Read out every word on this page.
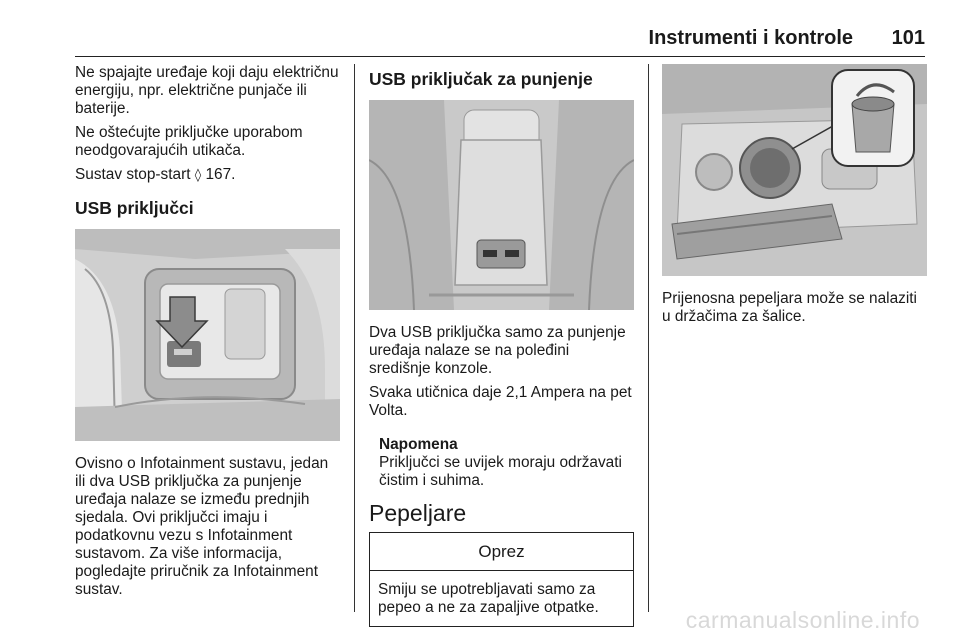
Instrumenti i kontrole 101

Ne spajajte uređaje koji daju električnu energiju, npr. električne punjače ili baterije.

Ne oštećujte priključke uporabom neodgovarajućih utikača.

Sustav stop-start ◊ 167.

USB priključci

Ovisno o Infotainment sustavu, jedan ili dva USB priključka za punjenje uređaja nalaze se između prednjih sjedala. Ovi priključci imaju i podatkovnu vezu s Infotainment sustavom. Za više informacija, pogledajte priručnik za Infotainment sustav.

USB priključak za punjenje

Dva USB priključka samo za punjenje uređaja nalaze se na poleđini središnje konzole.

Svaka utičnica daje 2,1 Ampera na pet Volta.

Napomena
Priključci se uvijek moraju održavati čistim i suhima.
Pepeljare
Oprez
Smiju se upotrebljavati samo za pepeo a ne za zapaljive otpatke.

Prijenosna pepeljara može se nalaziti u držačima za šalice.

carmanualsonline.info
